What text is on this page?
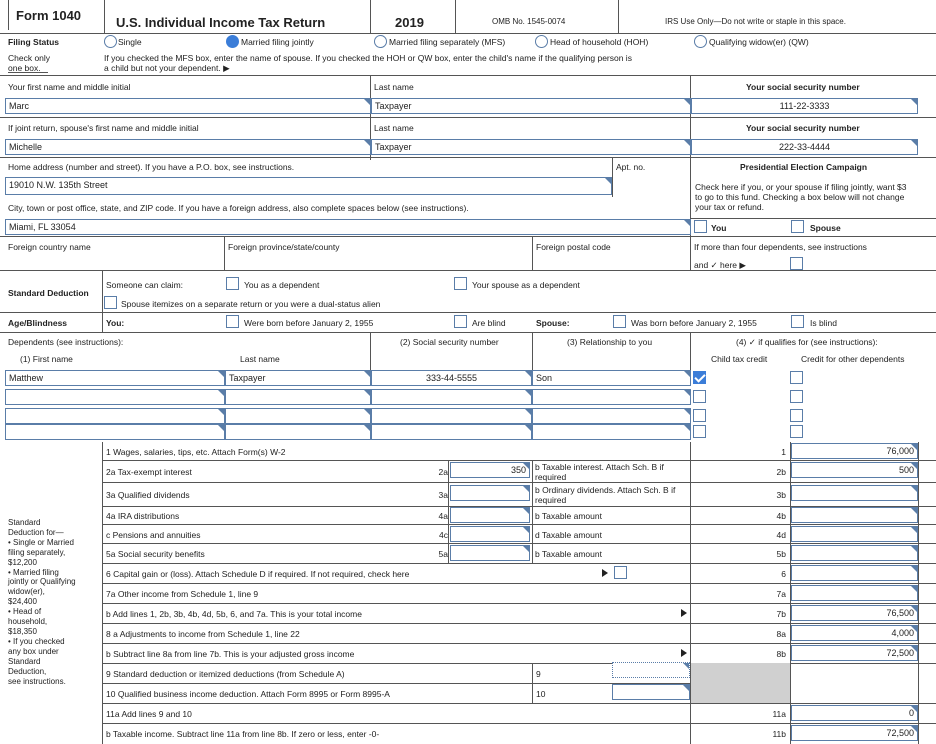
Form 1040	U.S. Individual Income Tax Return	2019	OMB No. 1545-0074	IRS Use Only—Do not write or staple in this space.
Filing Status
Check only
one box.
Single	Married filing jointly	Married filing separately (MFS)	Head of household (HOH)	Qualifying widow(er) (QW)
If you checked the MFS box, enter the name of spouse. If you checked the HOH or QW box, enter the child's name if the qualifying person is
a child but not your dependent. ▶
Your first name and middle initial	Last name	Your social security number
Marc	Taxpayer	111-22-3333
If joint return, spouse's first name and middle initial	Last name	Your social security number
Michelle	Taxpayer	222-33-4444
Home address (number and street). If you have a P.O. box, see instructions.	Apt. no.
19010 N.W. 135th Street
City, town or post office, state, and ZIP code. If you have a foreign address, also complete spaces below (see instructions).
Miami, FL 33054
Foreign country name	Foreign province/state/county	Foreign postal code
Presidential Election Campaign
Check here if you, or your spouse if filing jointly, want $3
to go to this fund. Checking a box below will not change
your tax or refund.
You	Spouse
If more than four dependents, see instructions
and ✓ here ▶
Standard Deduction
Someone can claim:	You as a dependent	Your spouse as a dependent
Spouse itemizes on a separate return or you were a dual-status alien
Age/Blindness	You:	Were born before January 2, 1955	Are blind	Spouse:	Was born before January 2, 1955	Is blind
Dependents (see instructions):	(2) Social security number	(3) Relationship to you	(4) ✓ if qualifies for (see instructions):
(1) First name	Last name	Child tax credit	Credit for other dependents
Matthew	Taxpayer	333-44-5555	Son
Standard
Deduction for—
• Single or Married
filing separately,
$12,200
• Married filing
jointly or Qualifying
widow(er),
$24,400
• Head of
household,
$18,350
• If you checked
any box under
Standard
Deduction,
see instructions.
1 Wages, salaries, tips, etc. Attach Form(s) W-2	1	76,000
2a Tax-exempt interest	2a	350	b Taxable interest. Attach Sch. B if
required	2b	500
3a Qualified dividends	3a	b Ordinary dividends. Attach Sch. B if
required	3b
4a IRA distributions	4a	b Taxable amount	4b
c Pensions and annuities	4c	d Taxable amount	4d
5a Social security benefits	5a	b Taxable amount	5b
6 Capital gain or (loss). Attach Schedule D if required. If not required, check here	6
7a Other income from Schedule 1, line 9	7a
b Add lines 1, 2b, 3b, 4b, 4d, 5b, 6, and 7a. This is your total income	7b	76,500
8 a Adjustments to income from Schedule 1, line 22	8a	4,000
b Subtract line 8a from line 7b. This is your adjusted gross income	8b	72,500
9 Standard deduction or itemized deductions (from Schedule A)	9
10 Qualified business income deduction. Attach Form 8995 or Form 8995-A	10
11a Add lines 9 and 10	11a	0
b Taxable income. Subtract line 11a from line 8b. If zero or less, enter -0-	11b	72,500
